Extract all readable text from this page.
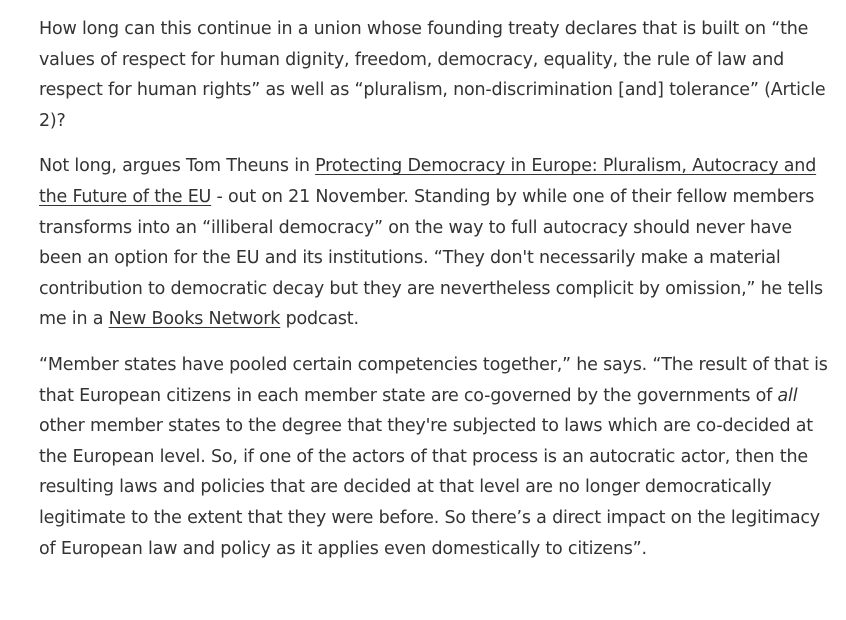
How long can this continue in a union whose founding treaty declares that is built on “the values of respect for human dignity, freedom, democracy, equality, the rule of law and respect for human rights” as well as “pluralism, non-discrimination [and] tolerance” (Article 2)?

Not long, argues Tom Theuns in Protecting Democracy in Europe: Pluralism, Autocracy and the Future of the EU - out on 21 November. Standing by while one of their fellow members transforms into an “illiberal democracy” on the way to full autocracy should never have been an option for the EU and its institutions. “They don't necessarily make a material contribution to democratic decay but they are nevertheless complicit by omission,” he tells me in a New Books Network podcast.

“Member states have pooled certain competencies together,” he says. “The result of that is that European citizens in each member state are co-governed by the governments of all other member states to the degree that they're subjected to laws which are co-decided at the European level. So, if one of the actors of that process is an autocratic actor, then the resulting laws and policies that are decided at that level are no longer democratically legitimate to the extent that they were before. So there’s a direct impact on the legitimacy of European law and policy as it applies even domestically to citizens”.
